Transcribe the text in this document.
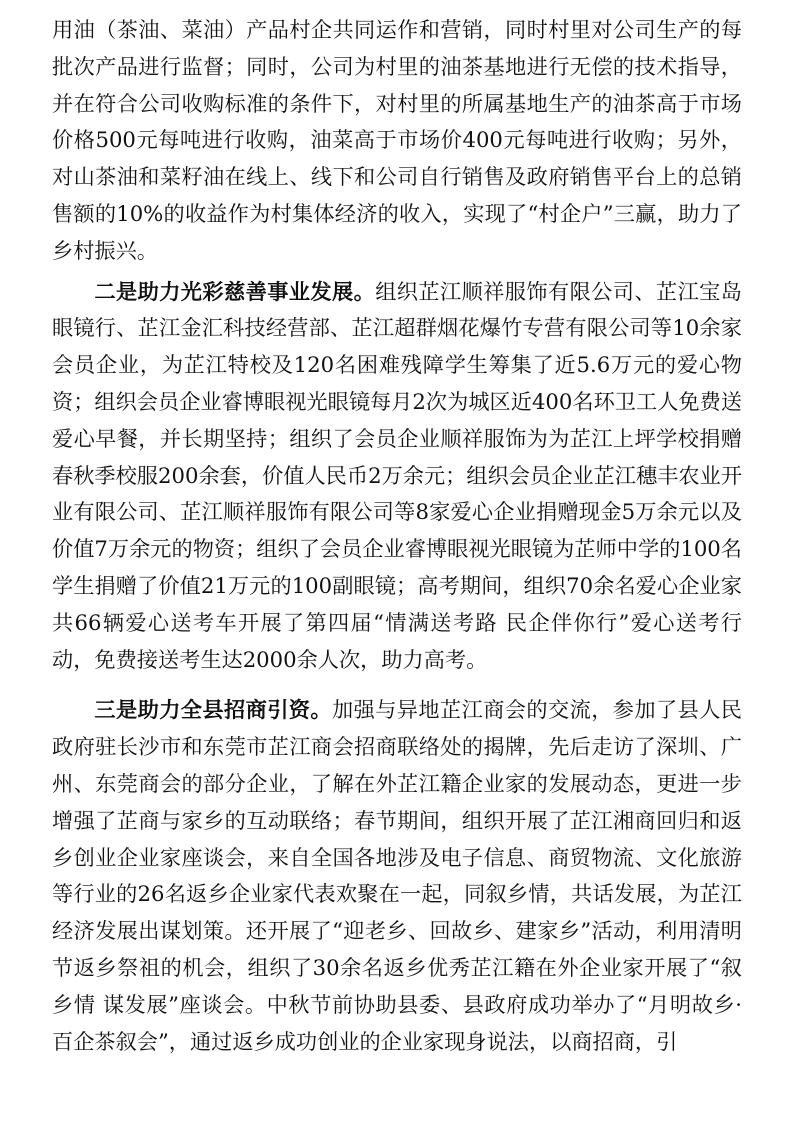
用油（茶油、菜油）产品村企共同运作和营销，同时村里对公司生产的每批次产品进行监督；同时，公司为村里的油茶基地进行无偿的技术指导，并在符合公司收购标准的条件下，对村里的所属基地生产的油茶高于市场价格500元每吨进行收购，油菜高于市场价400元每吨进行收购；另外，对山茶油和菜籽油在线上、线下和公司自行销售及政府销售平台上的总销售额的10%的收益作为村集体经济的收入，实现了“村企户”三赢，助力了乡村振兴。

二是助力光彩慈善事业发展。组织芷江顺祥服饰有限公司、芷江宝岛眼镜行、芷江金汇科技经营部、芷江超群烟花爆竹专营有限公司等10余家会员企业，为芷江特校及120名困难残障学生筹集了近5.6万元的爱心物资；组织会员企业睿博眼视光眼镜每月2次为城区近400名环卫工人免费送爱心早餐，并长期坚持；组织了会员企业顺祥服饰为为芷江上坪学校捐赠春秋季校服200余套，价值人民币2万余元；组织会员企业芷江穗丰农业开业有限公司、芷江顺祥服饰有限公司等8家爱心企业捐赠现金5万余元以及价值7万余元的物资；组织了会员企业睿博眼视光眼镜为芷师中学的100名学生捐赠了价值21万元的100副眼镜；高考期间，组织70余名爱心企业家共66辆爱心送考车开展了第四届“情满送考路 民企伴你行”爱心送考行动，免费接送考生达2000余人次，助力高考。

三是助力全县招商引资。加强与异地芷江商会的交流，参加了县人民政府驻长沙市和东莞市芷江商会招商联络处的揭牌，先后走访了深圳、广州、东莞商会的部分企业，了解在外芷江籍企业家的发展动态，更进一步增强了芷商与家乡的互动联络；春节期间，组织开展了芷江湘商回归和返乡创业企业家座谈会，来自全国各地涉及电子信息、商贸物流、文化旅游等行业的26名返乡企业家代表欢聚在一起，同叙乡情，共话发展，为芷江经济发展出谋划策。还开展了“迎老乡、回故乡、建家乡”活动，利用清明节返乡祭祖的机会，组织了30余名返乡优秀芷江籍在外企业家开展了“叙乡情 谋发展”座谈会。中秋节前协助县委、县政府成功举办了“月明故乡·百企茶叙会”，通过返乡成功创业的企业家现身说法，以商招商，引
